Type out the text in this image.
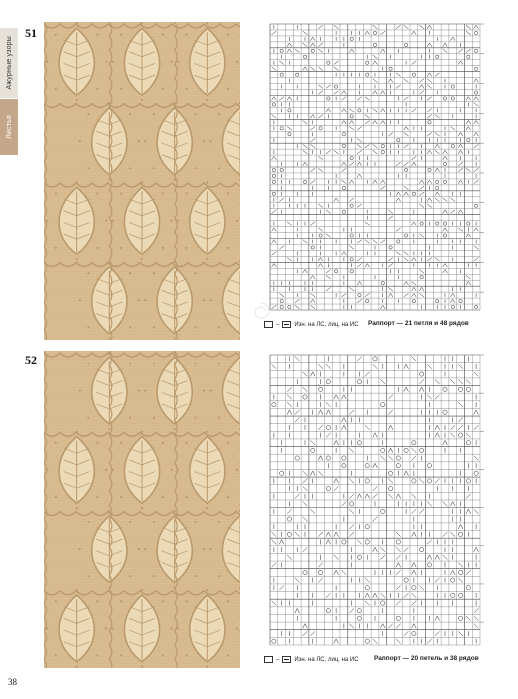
Ажурные узоры
Листья
51
–	Изн. на ЛС, лиц. на ИС Раппорт — 21 петля и 48 рядов
52
–	Изн. на ЛС, лиц. на ИС Раппорт — 20 петель и 38 рядов
38
